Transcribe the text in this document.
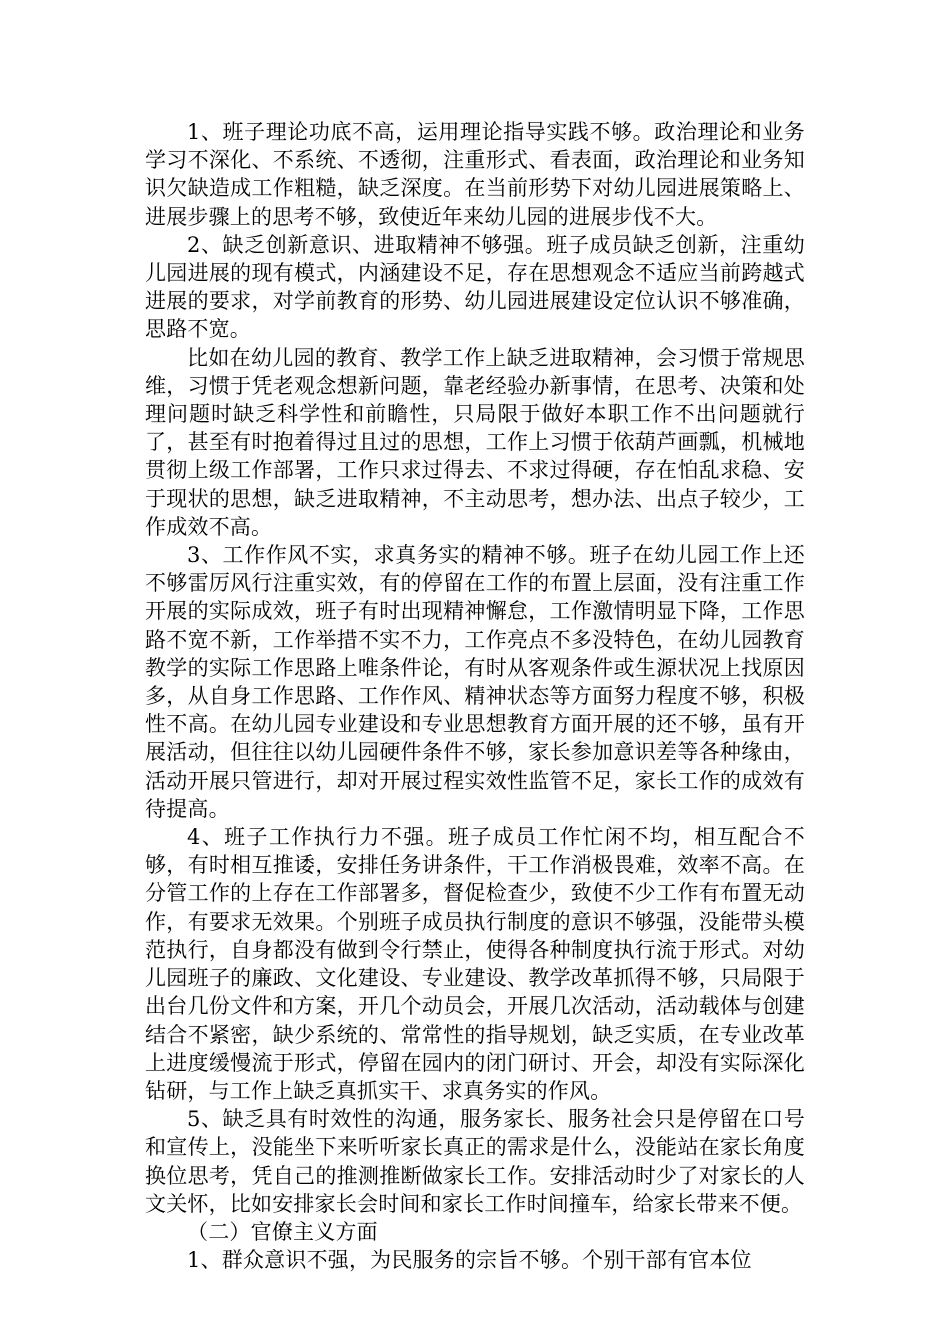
1、班子理论功底不高，运用理论指导实践不够。政治理论和业务学习不深化、不系统、不透彻，注重形式、看表面，政治理论和业务知识欠缺造成工作粗糙，缺乏深度。在当前形势下对幼儿园进展策略上、进展步骤上的思考不够，致使近年来幼儿园的进展步伐不大。

2、缺乏创新意识、进取精神不够强。班子成员缺乏创新，注重幼儿园进展的现有模式，内涵建设不足，存在思想观念不适应当前跨越式进展的要求，对学前教育的形势、幼儿园进展建设定位认识不够准确，思路不宽。

比如在幼儿园的教育、教学工作上缺乏进取精神，会习惯于常规思维，习惯于凭老观念想新问题，靠老经验办新事情，在思考、决策和处理问题时缺乏科学性和前瞻性，只局限于做好本职工作不出问题就行了，甚至有时抱着得过且过的思想，工作上习惯于依葫芦画瓢，机械地贯彻上级工作部署，工作只求过得去、不求过得硬，存在怕乱求稳、安于现状的思想，缺乏进取精神，不主动思考，想办法、出点子较少，工作成效不高。

3、工作作风不实，求真务实的精神不够。班子在幼儿园工作上还不够雷厉风行注重实效，有的停留在工作的布置上层面，没有注重工作开展的实际成效，班子有时出现精神懈怠，工作激情明显下降，工作思路不宽不新，工作举措不实不力，工作亮点不多没特色，在幼儿园教育教学的实际工作思路上唯条件论，有时从客观条件或生源状况上找原因多，从自身工作思路、工作作风、精神状态等方面努力程度不够，积极性不高。在幼儿园专业建设和专业思想教育方面开展的还不够，虽有开展活动，但往往以幼儿园硬件条件不够，家长参加意识差等各种缘由，活动开展只管进行，却对开展过程实效性监管不足，家长工作的成效有待提高。

4、班子工作执行力不强。班子成员工作忙闲不均，相互配合不够，有时相互推诿，安排任务讲条件，干工作消极畏难，效率不高。在分管工作的上存在工作部署多，督促检查少，致使不少工作有布置无动作，有要求无效果。个别班子成员执行制度的意识不够强，没能带头模范执行，自身都没有做到令行禁止，使得各种制度执行流于形式。对幼儿园班子的廉政、文化建设、专业建设、教学改革抓得不够，只局限于出台几份文件和方案，开几个动员会，开展几次活动，活动载体与创建结合不紧密，缺少系统的、常常性的指导规划，缺乏实质，在专业改革上进度缓慢流于形式，停留在园内的闭门研讨、开会，却没有实际深化钻研，与工作上缺乏真抓实干、求真务实的作风。

5、缺乏具有时效性的沟通，服务家长、服务社会只是停留在口号和宣传上，没能坐下来听听家长真正的需求是什么，没能站在家长角度换位思考，凭自己的推测推断做家长工作。安排活动时少了对家长的人文关怀，比如安排家长会时间和家长工作时间撞车，给家长带来不便。

（二）官僚主义方面

1、群众意识不强，为民服务的宗旨不够。个别干部有官本位
